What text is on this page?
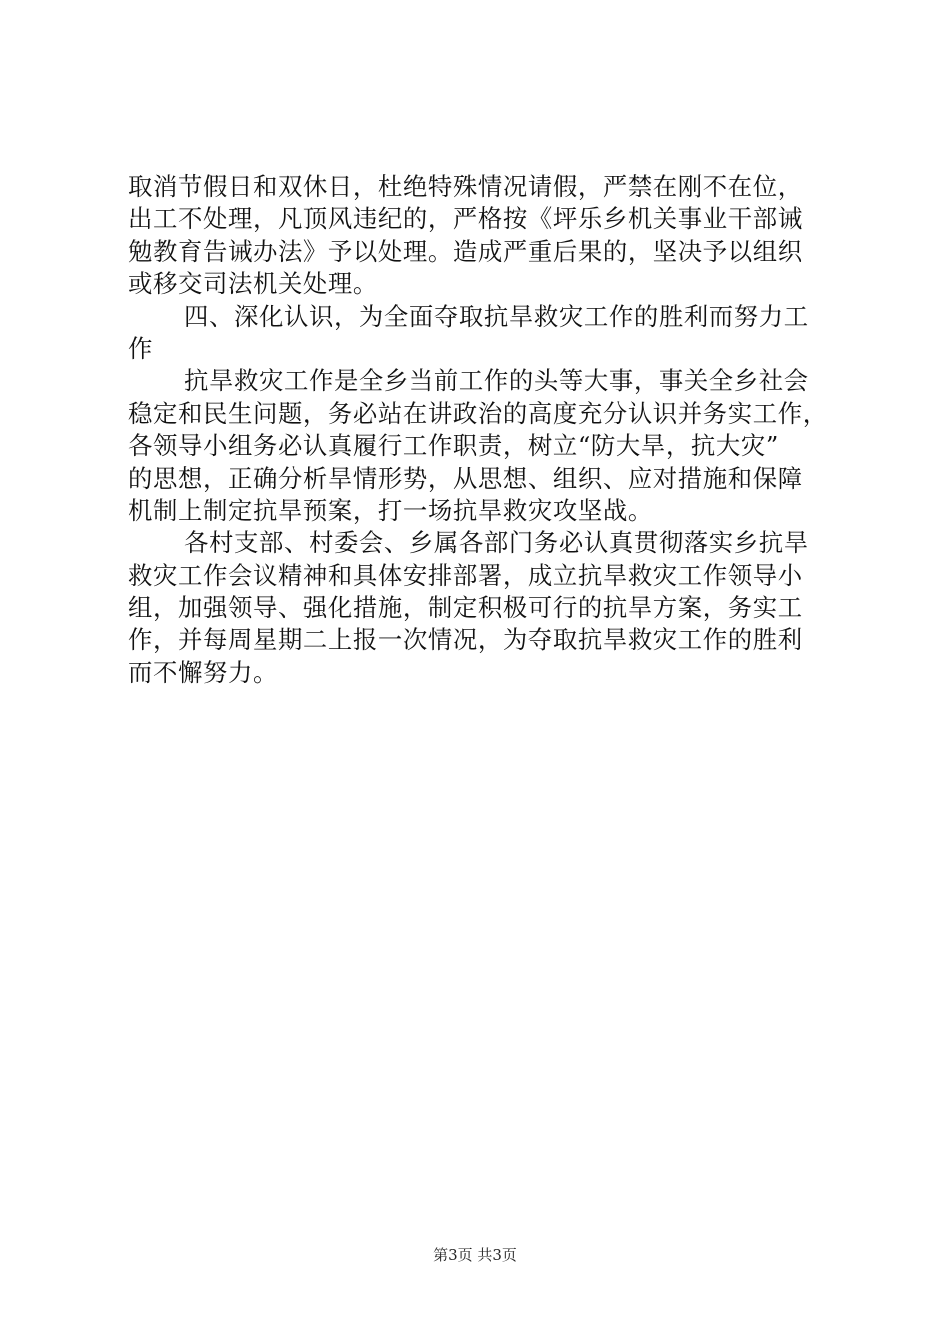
取消节假日和双休日，杜绝特殊情况请假，严禁在刚不在位，
出工不处理，凡顶风违纪的，严格按《坪乐乡机关事业干部诫
勉教育告诫办法》予以处理。造成严重后果的，坚决予以组织
或移交司法机关处理。
四、深化认识，为全面夺取抗旱救灾工作的胜利而努力工
作
抗旱救灾工作是全乡当前工作的头等大事，事关全乡社会
稳定和民生问题，务必站在讲政治的高度充分认识并务实工作，
各领导小组务必认真履行工作职责，树立“防大旱，抗大灾”
的思想，正确分析旱情形势，从思想、组织、应对措施和保障
机制上制定抗旱预案，打一场抗旱救灾攻坚战。
各村支部、村委会、乡属各部门务必认真贯彻落实乡抗旱
救灾工作会议精神和具体安排部署，成立抗旱救灾工作领导小
组，加强领导、强化措施，制定积极可行的抗旱方案，务实工
作，并每周星期二上报一次情况，为夺取抗旱救灾工作的胜利
而不懈努力。
第3页 共3页
